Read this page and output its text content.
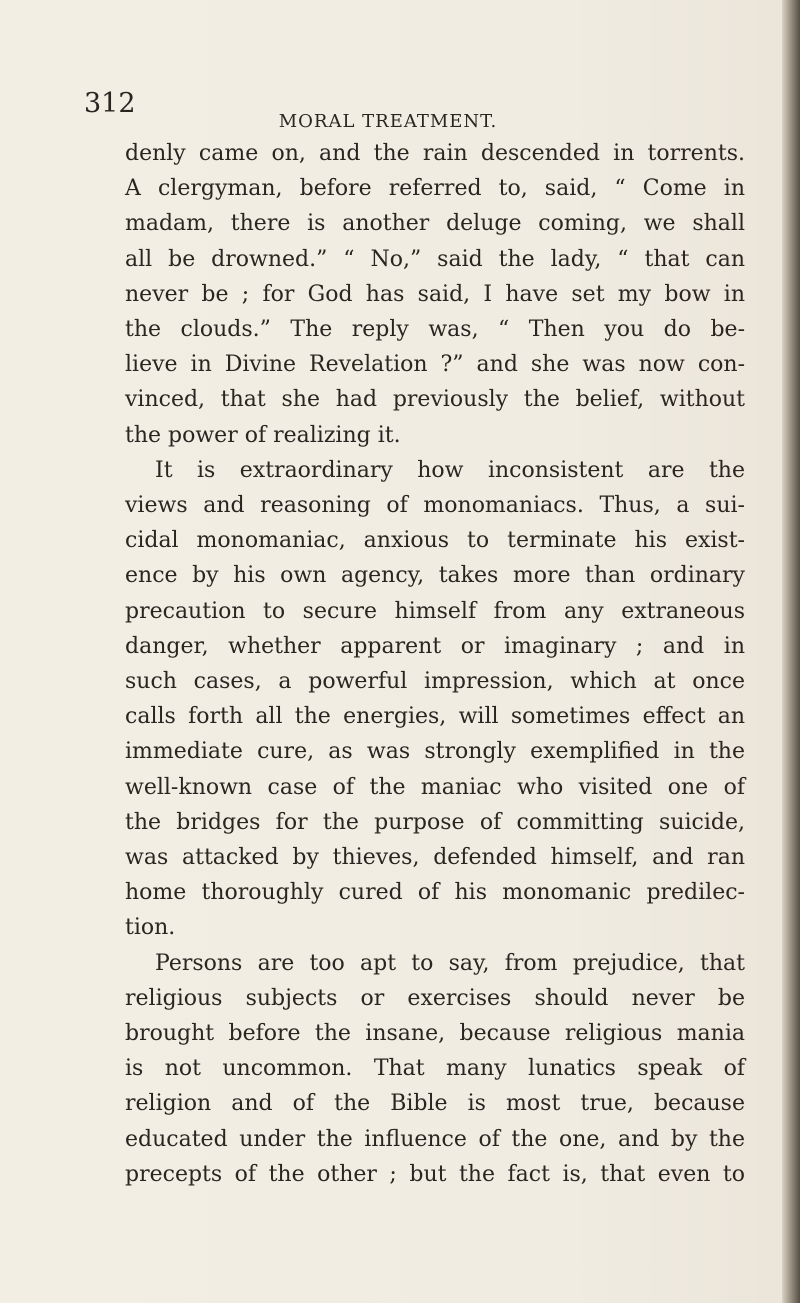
312
MORAL TREATMENT.
denly came on, and the rain descended in torrents.
A clergyman, before referred to, said, “ Come in
madam, there is another deluge coming, we shall
all be drowned.” “ No,” said the lady, “ that can
never be ; for God has said, I have set my bow in
the clouds.” The reply was, “ Then you do be-
lieve in Divine Revelation ?” and she was now con-
vinced, that she had previously the belief, without
the power of realizing it.
It is extraordinary how inconsistent are the
views and reasoning of monomaniacs. Thus, a sui-
cidal monomaniac, anxious to terminate his exist-
ence by his own agency, takes more than ordinary
precaution to secure himself from any extraneous
danger, whether apparent or imaginary ; and in
such cases, a powerful impression, which at once
calls forth all the energies, will sometimes effect an
immediate cure, as was strongly exemplified in the
well-known case of the maniac who visited one of
the bridges for the purpose of committing suicide,
was attacked by thieves, defended himself, and ran
home thoroughly cured of his monomanic predilec-
tion.
Persons are too apt to say, from prejudice, that
religious subjects or exercises should never be
brought before the insane, because religious mania
is not uncommon. That many lunatics speak of
religion and of the Bible is most true, because
educated under the influence of the one, and by the
precepts of the other ; but the fact is, that even to
